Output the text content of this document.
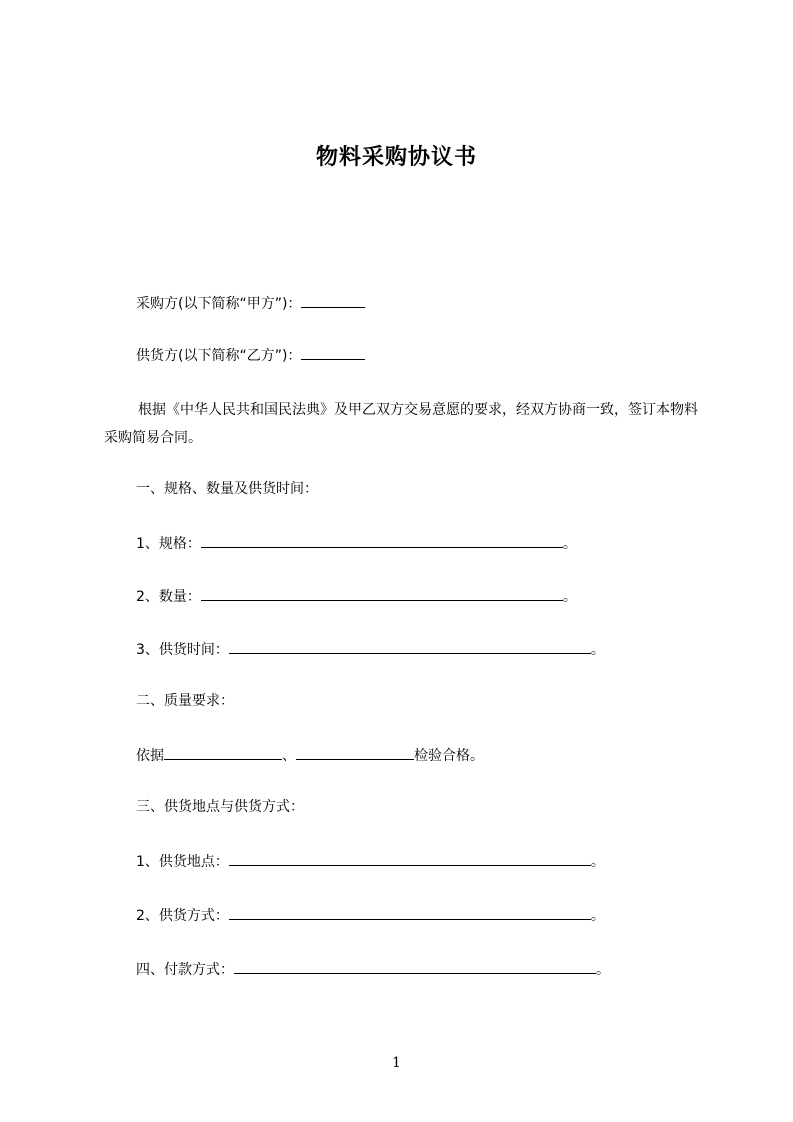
物料采购协议书
采购方(以下简称“甲方”)：
供货方(以下简称“乙方”)：
根据《中华人民共和国民法典》及甲乙双方交易意愿的要求，经双方协商一致，签订本物料采购简易合同。
一、规格、数量及供货时间：
1、规格：	。
2、数量：	。
3、供货时间：	。
二、质量要求：
依据	、	检验合格。
三、供货地点与供货方式：
1、供货地点：	。
2、供货方式：	。
四、付款方式：	。
1
